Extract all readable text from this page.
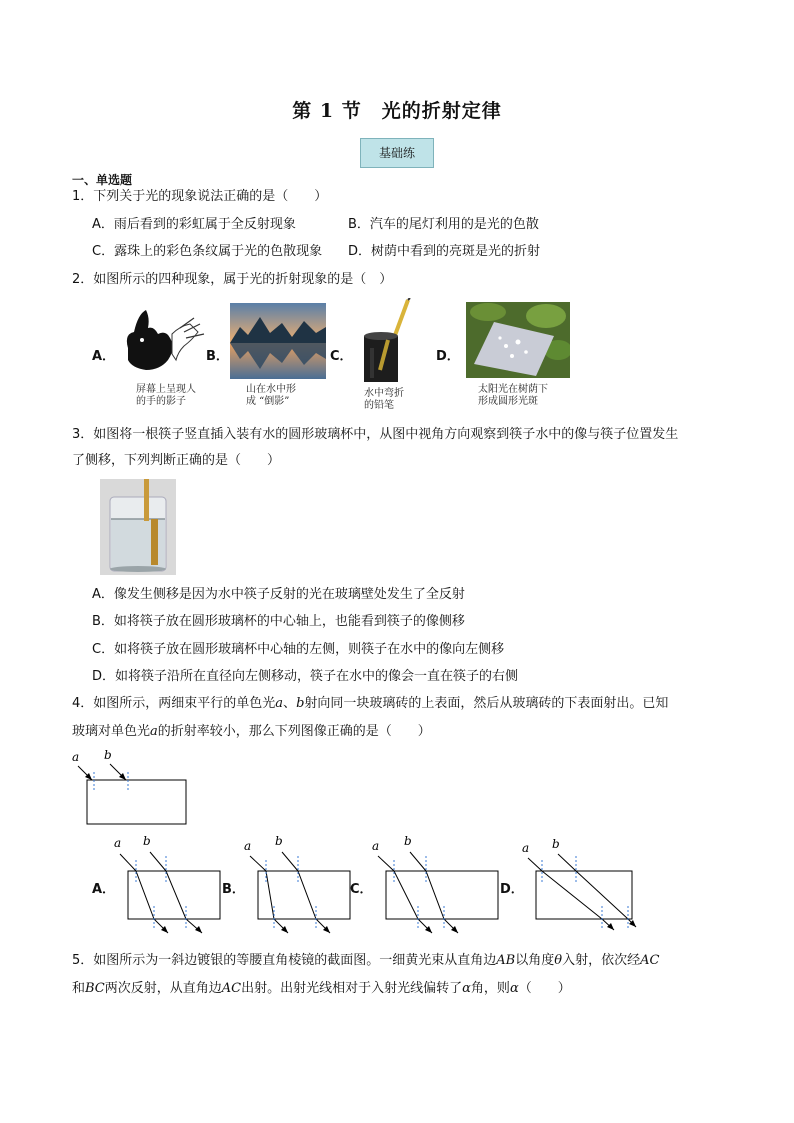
第 1 节　光的折射定律
基础练
一、单选题
1．下列关于光的现象说法正确的是（　　）
A．雨后看到的彩虹属于全反射现象	B．汽车的尾灯利用的是光的色散
C．露珠上的彩色条纹属于光的色散现象 D．树荫中看到的亮斑是光的折射
2．如图所示的四种现象，属于光的折射现象的是（　）
A．
屏幕上呈现人
的手的影子
B．
山在水中形
成 “倒影”
C．
水中弯折
的铅笔
D．
太阳光在树荫下
形成圆形光斑
3．如图将一根筷子竖直插入装有水的圆形玻璃杯中，从图中视角方向观察到筷子水中的像与筷子位置发生
了侧移，下列判断正确的是（　　）
A．像发生侧移是因为水中筷子反射的光在玻璃壁处发生了全反射
B．如将筷子放在圆形玻璃杯的中心轴上，也能看到筷子的像侧移
C．如将筷子放在圆形玻璃杯中心轴的左侧，则筷子在水中的像向左侧移
D．如将筷子沿所在直径向左侧移动，筷子在水中的像会一直在筷子的右侧
4．如图所示，两细束平行的单色光a、b射向同一块玻璃砖的上表面，然后从玻璃砖的下表面射出。已知
玻璃对单色光a的折射率较小，那么下列图像正确的是（　　）
a b
A．
a b
B．
a b
C．
a b
D．
a b
5．如图所示为一斜边镀银的等腰直角棱镜的截面图。一细黄光束从直角边AB以角度θ入射，依次经AC
和BC两次反射，从直角边AC出射。出射光线相对于入射光线偏转了α角，则α（　　）
